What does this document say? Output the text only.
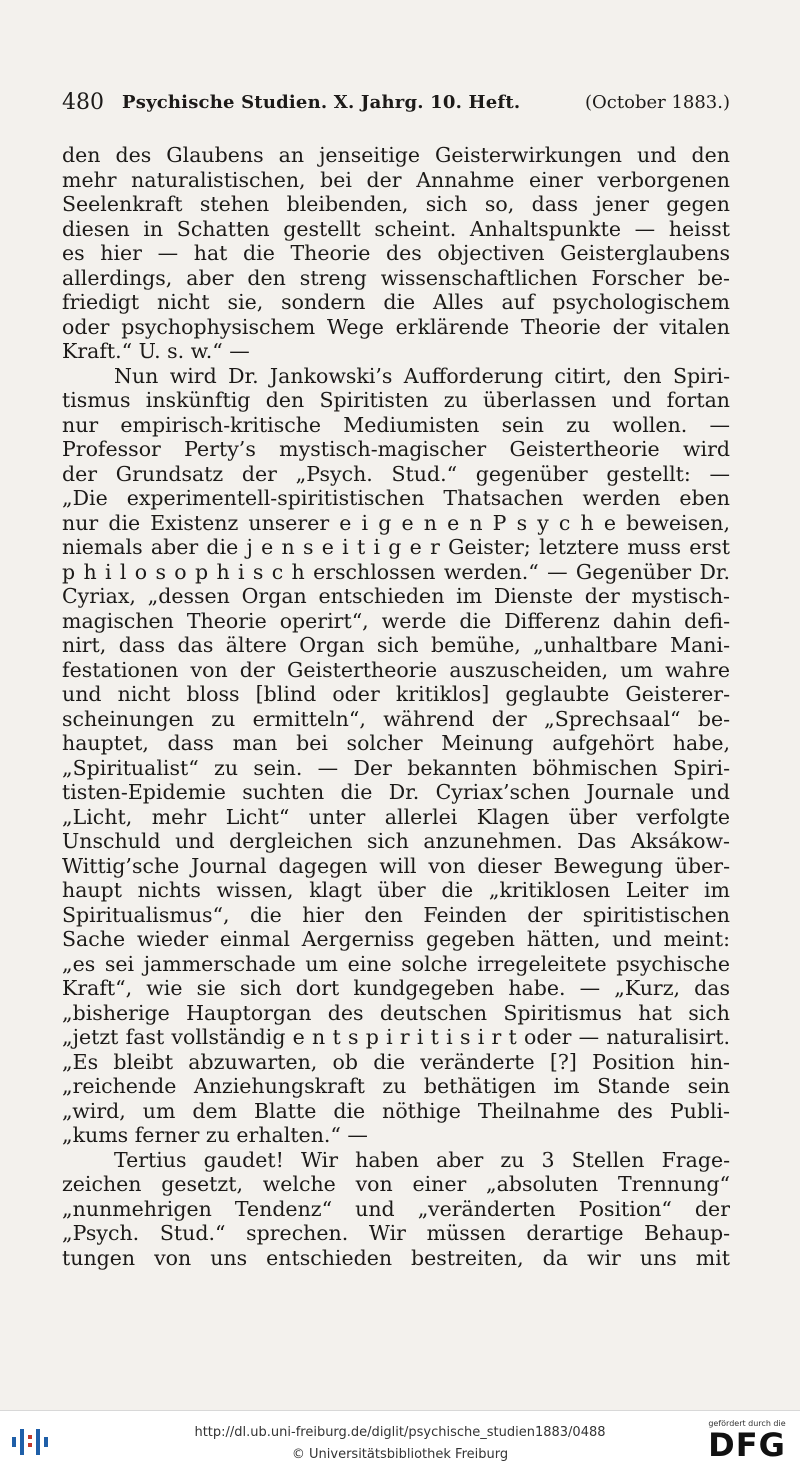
480 Psychische Studien. X. Jahrg. 10. Heft.	(October 1883.)
den des Glaubens an jenseitige Geisterwirkungen und den
mehr naturalistischen, bei der Annahme einer verborgenen
Seelenkraft stehen bleibenden, sich so, dass jener gegen
diesen in Schatten gestellt scheint. Anhaltspunkte — heisst
es hier — hat die Theorie des objectiven Geisterglaubens
allerdings, aber den streng wissenschaftlichen Forscher be-
friedigt nicht sie, sondern die Alles auf psychologischem
oder psychophysischem Wege erklärende Theorie der vitalen
Kraft.“ U. s. w.“ —
Nun wird Dr. Jankowski’s Aufforderung citirt, den Spiri-
tismus inskünftig den Spiritisten zu überlassen und fortan
nur empirisch-kritische Mediumisten sein zu wollen. —
Professor Perty’s mystisch-magischer Geistertheorie wird
der Grundsatz der „Psych. Stud.“ gegenüber gestellt: —
„Die experimentell-spiritistischen Thatsachen werden eben
nur die Existenz unserer e i g e n e n P s y c h e beweisen,
niemals aber die j e n s e i t i g e r Geister; letztere muss erst
p h i l o s o p h i s c h erschlossen werden.“ — Gegenüber Dr.
Cyriax, „dessen Organ entschieden im Dienste der mystisch-
magischen Theorie operirt“, werde die Differenz dahin defi-
nirt, dass das ältere Organ sich bemühe, „unhaltbare Mani-
festationen von der Geistertheorie auszuscheiden, um wahre
und nicht bloss [blind oder kritiklos] geglaubte Geisterer-
scheinungen zu ermitteln“, während der „Sprechsaal“ be-
hauptet, dass man bei solcher Meinung aufgehört habe,
„Spiritualist“ zu sein. — Der bekannten böhmischen Spiri-
tisten-Epidemie suchten die Dr. Cyriax’schen Journale und
„Licht, mehr Licht“ unter allerlei Klagen über verfolgte
Unschuld und dergleichen sich anzunehmen. Das Aksákow-
Wittig’sche Journal dagegen will von dieser Bewegung über-
haupt nichts wissen, klagt über die „kritiklosen Leiter im
Spiritualismus“, die hier den Feinden der spiritistischen
Sache wieder einmal Aergerniss gegeben hätten, und meint:
„es sei jammerschade um eine solche irregeleitete psychische
Kraft“, wie sie sich dort kundgegeben habe. — „Kurz, das
„bisherige Hauptorgan des deutschen Spiritismus hat sich
„jetzt fast vollständig e n t s p i r i t i s i r t oder — naturalisirt.
„Es bleibt abzuwarten, ob die veränderte [?] Position hin-
„reichende Anziehungskraft zu bethätigen im Stande sein
„wird, um dem Blatte die nöthige Theilnahme des Publi-
„kums ferner zu erhalten.“ —
Tertius gaudet! Wir haben aber zu 3 Stellen Frage-
zeichen gesetzt, welche von einer „absoluten Trennung“
„nunmehrigen Tendenz“ und „veränderten Position“ der
„Psych. Stud.“ sprechen. Wir müssen derartige Behaup-
tungen von uns entschieden bestreiten, da wir uns mit
http://dl.ub.uni-freiburg.de/diglit/psychische_studien1883/0488
© Universitätsbibliothek Freiburg
gefördert durch die
DFG
